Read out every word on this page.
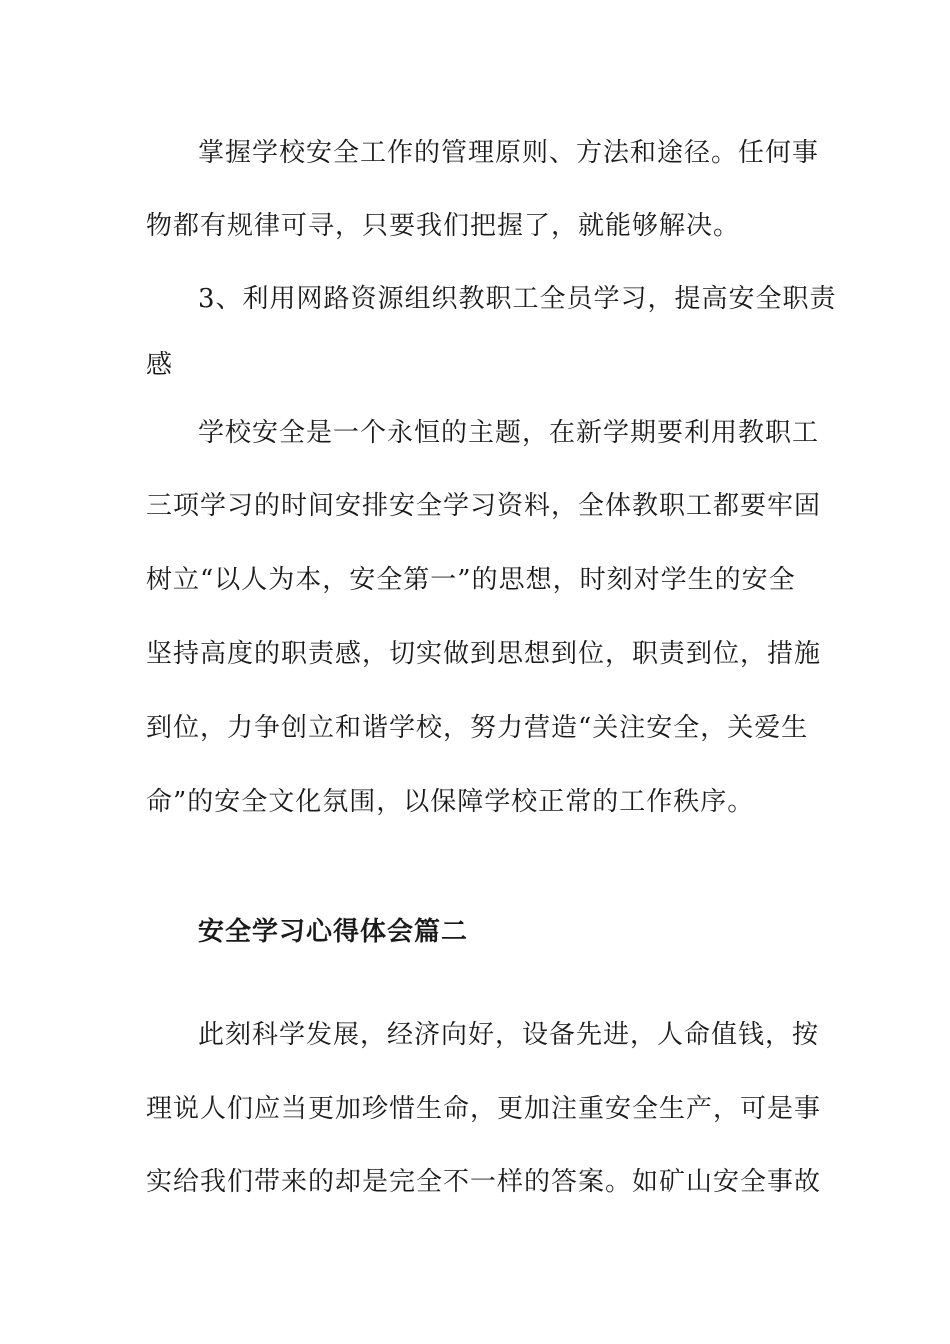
掌握学校安全工作的管理原则、方法和途径。任何事
物都有规律可寻，只要我们把握了，就能够解决。
3、利用网路资源组织教职工全员学习，提高安全职责
感
学校安全是一个永恒的主题，在新学期要利用教职工
三项学习的时间安排安全学习资料，全体教职工都要牢固
树立“以人为本，安全第一”的思想，时刻对学生的安全
坚持高度的职责感，切实做到思想到位，职责到位，措施
到位，力争创立和谐学校，努力营造“关注安全，关爱生
命”的安全文化氛围，以保障学校正常的工作秩序。
安全学习心得体会篇二
此刻科学发展，经济向好，设备先进，人命值钱，按
理说人们应当更加珍惜生命，更加注重安全生产，可是事
实给我们带来的却是完全不一样的答案。如矿山安全事故
